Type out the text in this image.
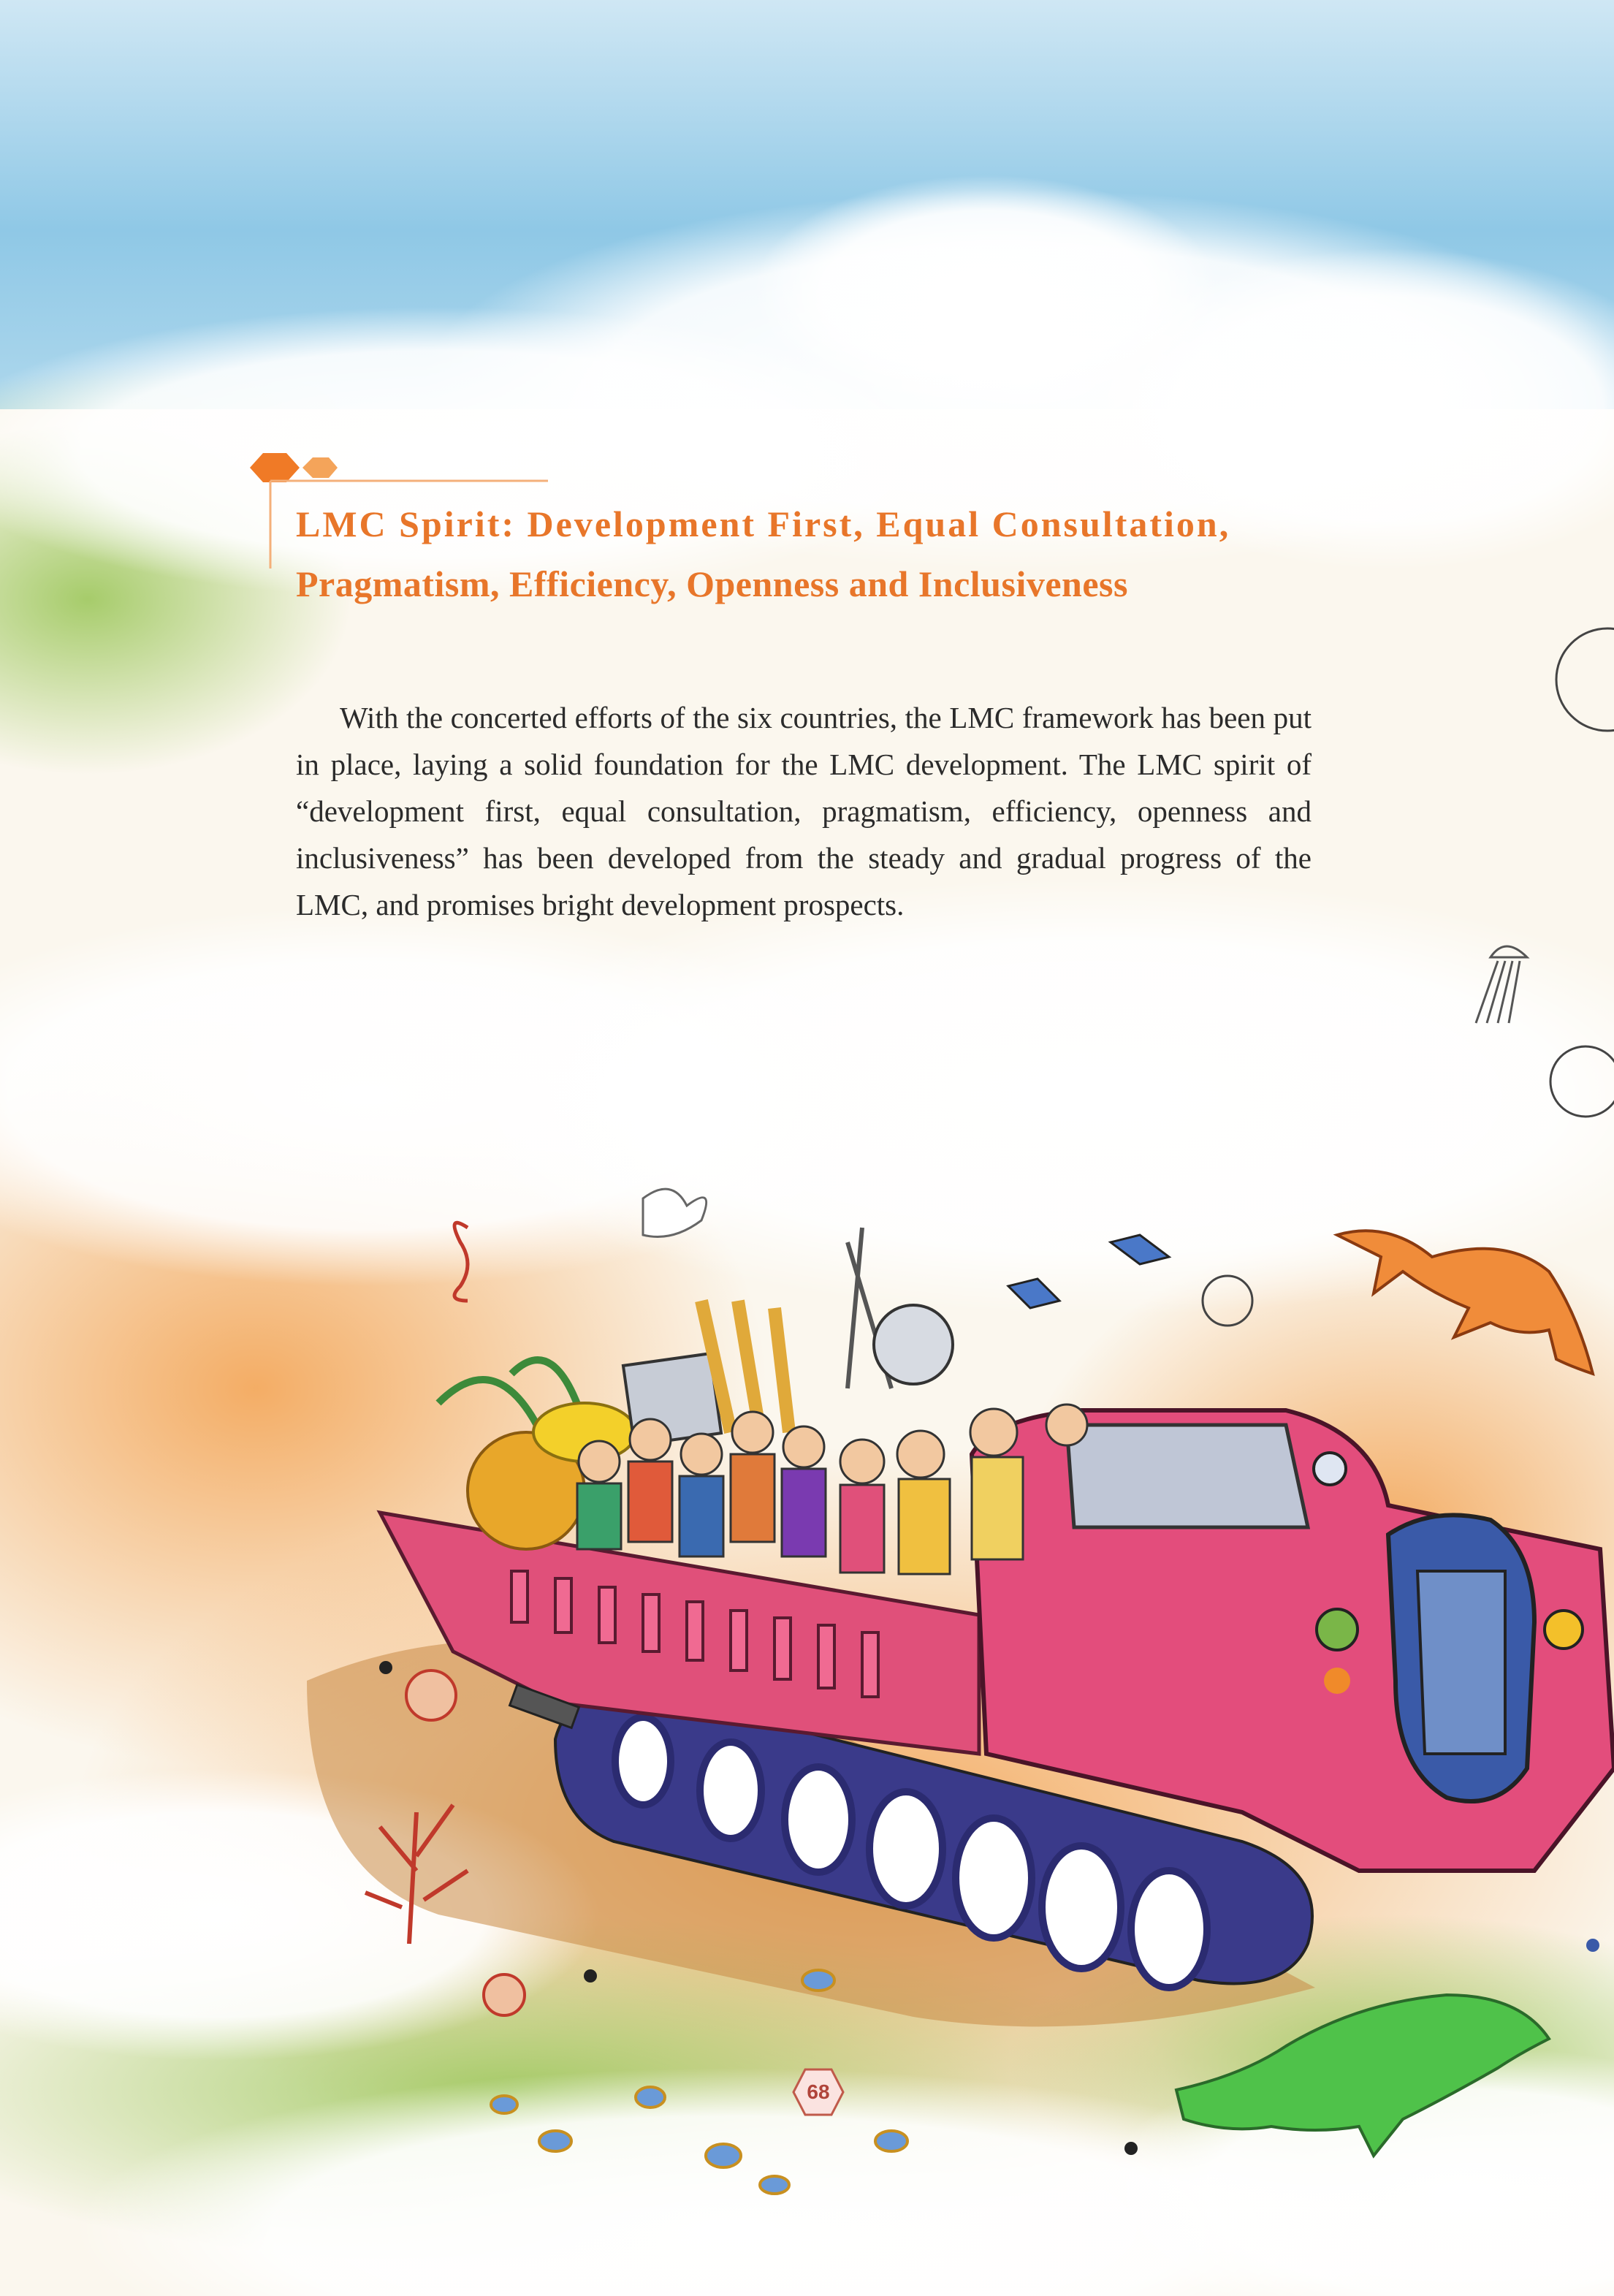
LMC Spirit: Development First, Equal Consultation,
Pragmatism, Efficiency, Openness and Inclusiveness

With the concerted efforts of the six countries, the LMC framework has been put in place, laying a solid foundation for the LMC development. The LMC spirit of “development first, equal consultation, pragmatism, efficiency, openness and inclusiveness” has been developed from the steady and gradual progress of the LMC, and promises bright development prospects.

68
